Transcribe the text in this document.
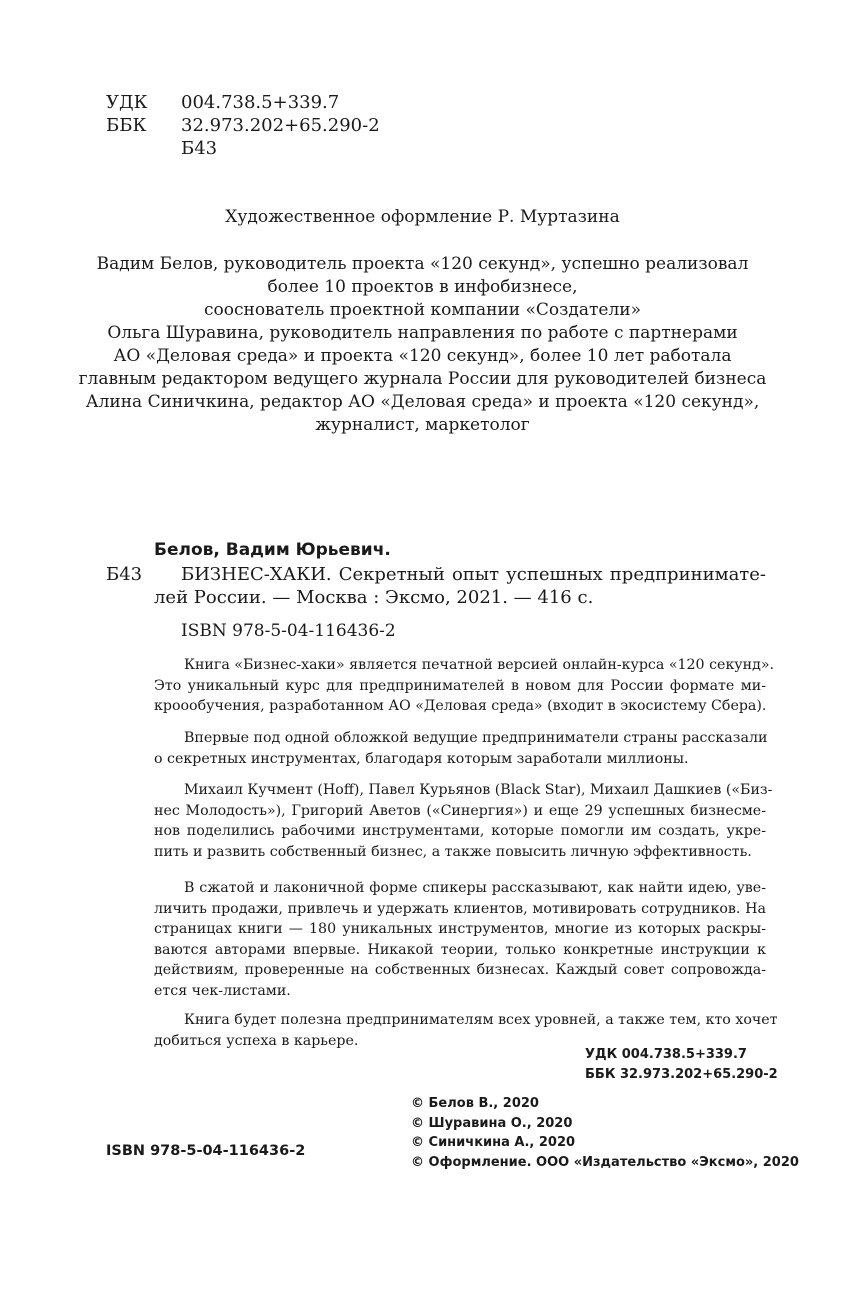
УДК 004.738.5+339.7
ББК 32.973.202+65.290-2
Б43
Художественное оформление Р. Муртазина
Вадим Белов, руководитель проекта «120 секунд», успешно реализовал
более 10 проектов в инфобизнесе,
сооснователь проектной компании «Создатели»
Ольга Шуравина, руководитель направления по работе с партнерами
АО «Деловая среда» и проекта «120 секунд», более 10 лет работала
главным редактором ведущего журнала России для руководителей бизнеса
Алина Синичкина, редактор АО «Деловая среда» и проекта «120 секунд»,
журналист, маркетолог
Белов, Вадим Юрьевич.
Б43 БИЗНЕС-ХАКИ. Секретный опыт успешных предпринимате-
лей России. — Москва : Эксмо, 2021. — 416 с.
ISBN 978-5-04-116436-2
Книга «Бизнес-хаки» является печатной версией онлайн-курса «120 секунд».
Это уникальный курс для предпринимателей в новом для России формате ми-
кроообучения, разработанном АО «Деловая среда» (входит в экосистему Сбера).
Впервые под одной обложкой ведущие предприниматели страны рассказали
о секретных инструментах, благодаря которым заработали миллионы.
Михаил Кучмент (Hoff), Павел Курьянов (Black Star), Михаил Дашкиев («Биз-
нес Молодость»), Григорий Аветов («Синергия») и еще 29 успешных бизнесме-
нов поделились рабочими инструментами, которые помогли им создать, укре-
пить и развить собственный бизнес, а также повысить личную эффективность.
В сжатой и лаконичной форме спикеры рассказывают, как найти идею, уве-
личить продажи, привлечь и удержать клиентов, мотивировать сотрудников. На
страницах книги — 180 уникальных инструментов, многие из которых раскры-
ваются авторами впервые. Никакой теории, только конкретные инструкции к
действиям, проверенные на собственных бизнесах. Каждый совет сопровожда-
ется чек-листами.
Книга будет полезна предпринимателям всех уровней, а также тем, кто хочет
добиться успеха в карьере.
УДК 004.738.5+339.7
ББК 32.973.202+65.290-2
© Белов В., 2020
© Шуравина О., 2020
© Синичкина А., 2020
© Оформление. ООО «Издательство «Эксмо», 2020
ISBN 978-5-04-116436-2
